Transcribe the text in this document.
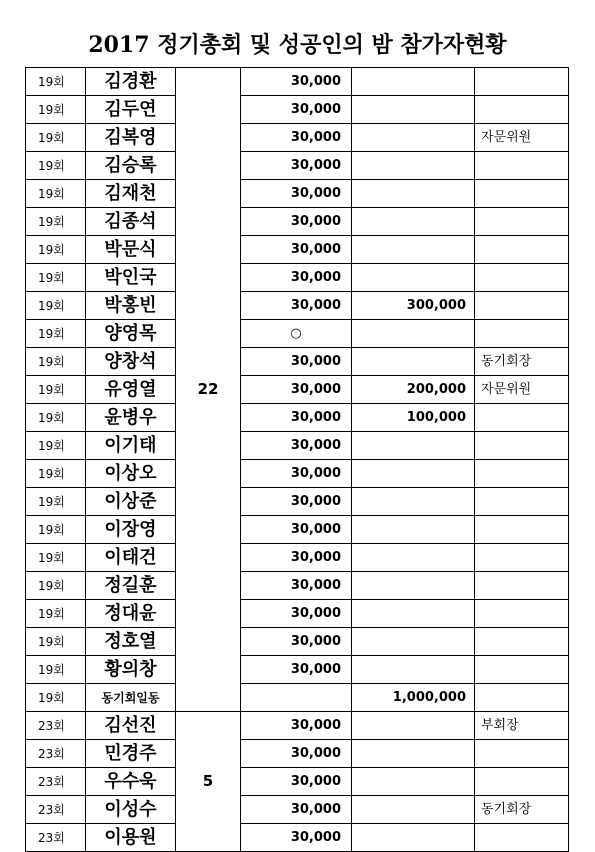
2017 정기총회 및 성공인의 밤 참가자현황
19회	김경환	22	30,000		
19회	김두연		30,000		
19회	김복영		30,000		자문위원
19회	김승록		30,000		
19회	김재천		30,000		
19회	김종석		30,000		
19회	박문식		30,000		
19회	박인국		30,000		
19회	박홍빈		30,000	300,000	
19회	양영목		○		
19회	양창석		30,000		동기회장
19회	유영열		30,000	200,000	자문위원
19회	윤병우		30,000	100,000	
19회	이기태		30,000		
19회	이상오		30,000		
19회	이상준		30,000		
19회	이장영		30,000		
19회	이태건		30,000		
19회	정길훈		30,000		
19회	정대윤		30,000		
19회	정호열		30,000		
19회	황의창		30,000		
19회	동기회일동			1,000,000	
23회	김선진	5	30,000		부회장
23회	민경주		30,000		
23회	우수욱		30,000		
23회	이성수		30,000		동기회장
23회	이용원		30,000		
